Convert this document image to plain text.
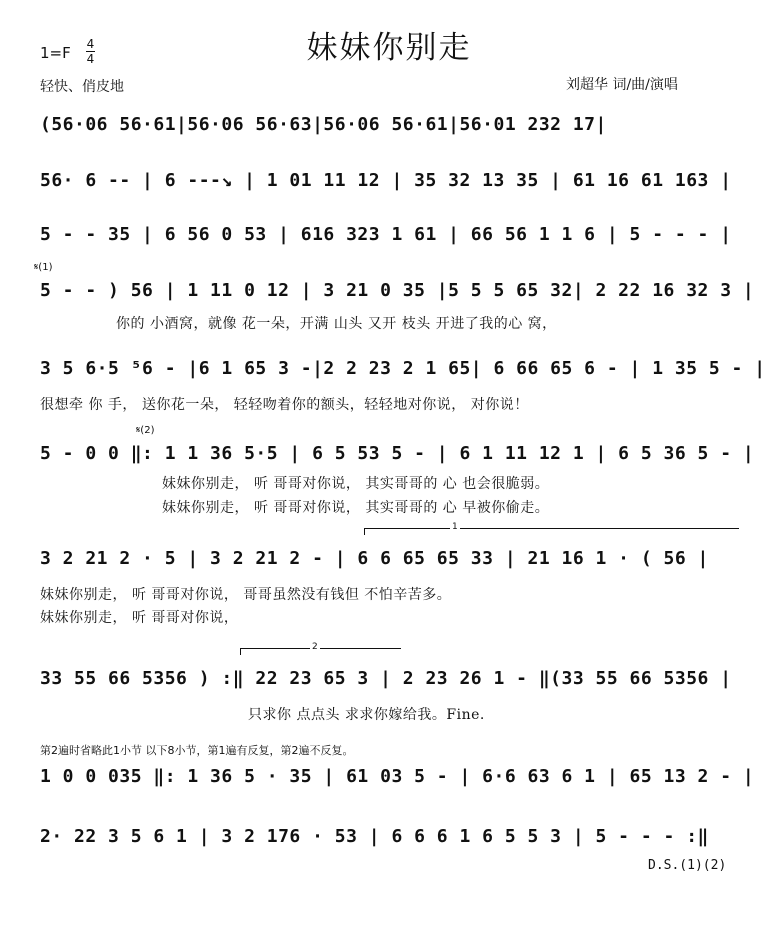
妹妹你别走
1=F 4
4
轻快、俏皮地	刘超华 词/曲/演唱
(56·06 56·61|56·06 56·63|56·06 56·61|56·01 232 17|
56· 6 -- | 6 ---↘ | 1 01 11 12 | 35 32 13 35 | 61 16 61 163 |
5 - - 35 | 6 56 0 53 | 616 323 1 61 | 66 56 1 1 6 | 5 - - - |
𝄋(1)
5 - - ) 56 | 1 11 0 12 | 3 21 0 35 |5 5 5 65 32| 2 22 16 32 3 |
你的 小酒窝，就像 花一朵，开满 山头 又开 枝头 开进了我的心 窝，
3 5 6·5 ⁵6 - |6 1 65 3 -|2 2 23 2 1 65| 6 66 65 6 - | 1 35 5 - |
很想牵 你 手， 送你花一朵， 轻轻吻着你的额头，轻轻地对你说， 对你说！
𝄋(2)
5 - 0 0 ‖: 1 1 36 5·5 | 6 5 53 5 - | 6 1 11 12 1 | 6 5 36 5 - |
妹妹你别走， 听 哥哥对你说， 其实哥哥的 心 也会很脆弱。
妹妹你别走， 听 哥哥对你说， 其实哥哥的 心 早被你偷走。
1
3 2 21 2 · 5 | 3 2 21 2 - | 6 6 65 65 33 | 21 16 1 · ( 56 |
妹妹你别走， 听 哥哥对你说， 哥哥虽然没有钱但 不怕辛苦多。
妹妹你别走， 听 哥哥对你说，
2
33 55 66 5356 ) :‖ 22 23 65 3 | 2 23 26 1 - ‖(33 55 66 5356 |
只求你 点点头 求求你嫁给我。Fine.
第2遍时省略此1小节 以下8小节，第1遍有反复，第2遍不反复。
1 0 0 035 ‖: 1 36 5 · 35 | 61 03 5 - | 6·6 63 6 1 | 65 13 2 - |
2· 22 3 5 6 1 | 3 2 176 · 53 | 6 6 6 1 6 5 5 3 | 5 - - - :‖
D.S.(1)(2)
